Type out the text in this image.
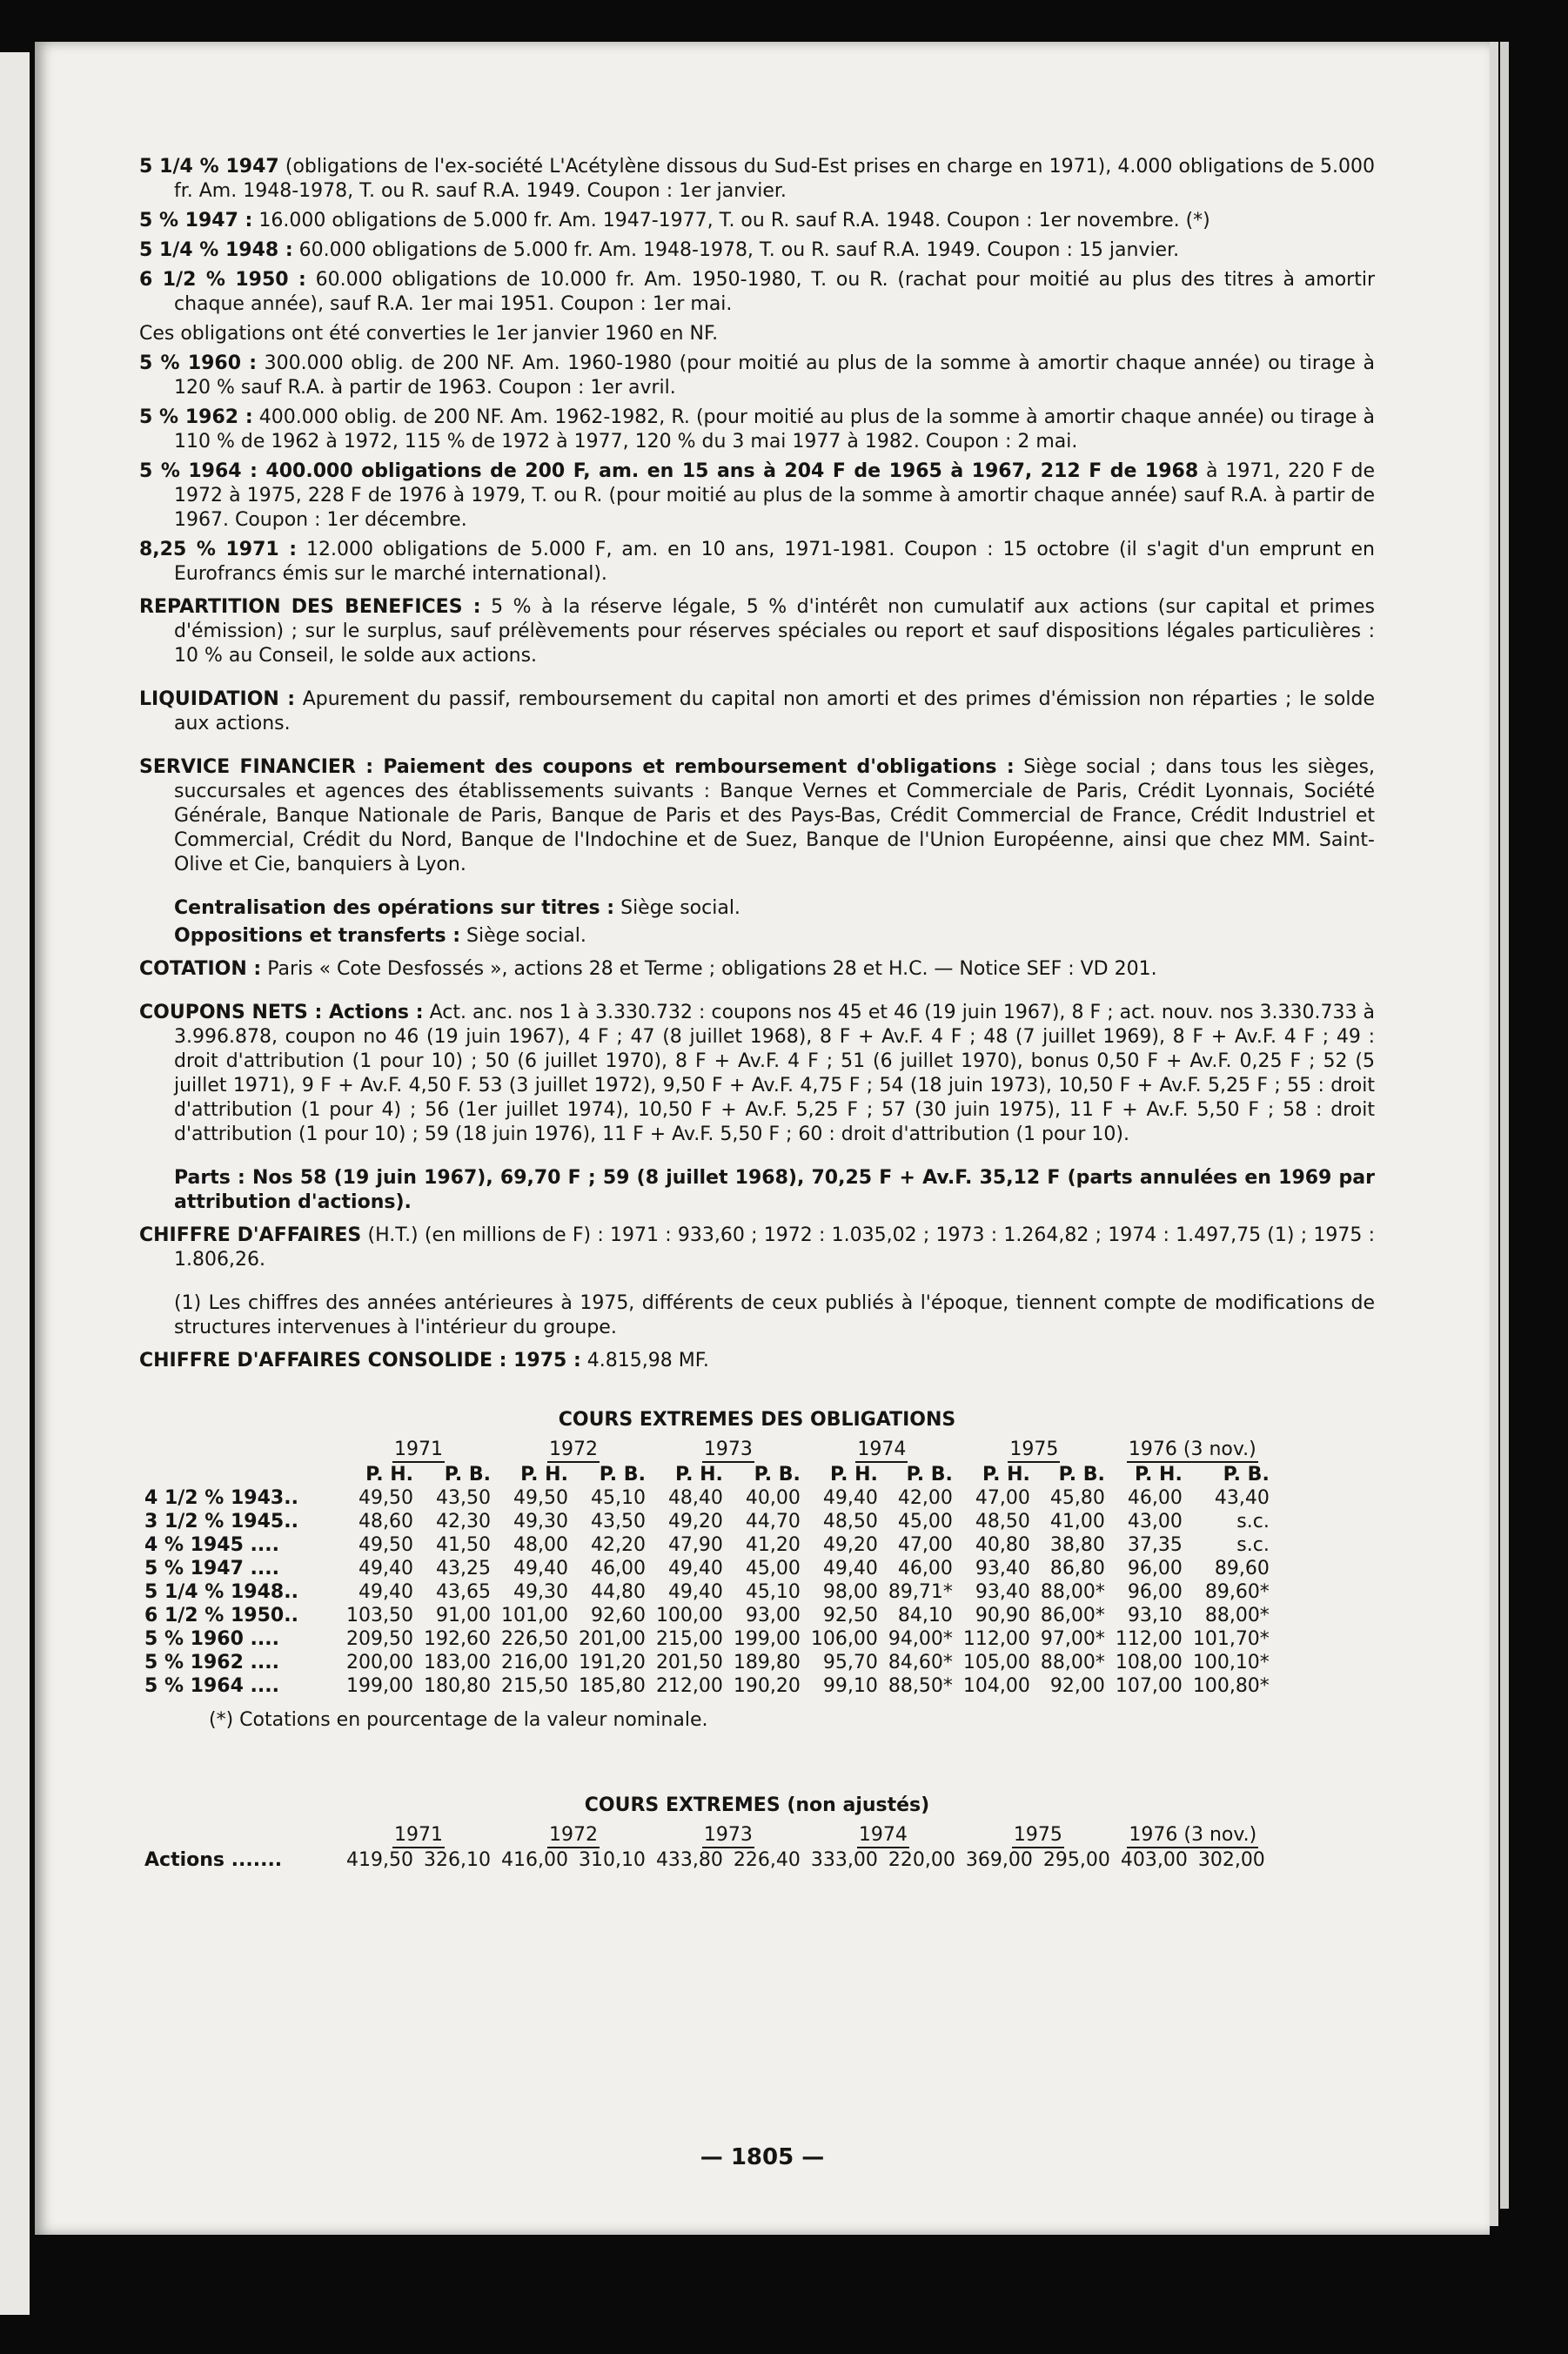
5 1/4 % 1947 (obligations de l'ex-société L'Acétylène dissous du Sud-Est prises en charge en 1971), 4.000 obligations de 5.000 fr. Am. 1948-1978, T. ou R. sauf R.A. 1949. Coupon : 1er janvier.

5 % 1947 : 16.000 obligations de 5.000 fr. Am. 1947-1977, T. ou R. sauf R.A. 1948. Coupon : 1er novembre. (*)

5 1/4 % 1948 : 60.000 obligations de 5.000 fr. Am. 1948-1978, T. ou R. sauf R.A. 1949. Coupon : 15 janvier.

6 1/2 % 1950 : 60.000 obligations de 10.000 fr. Am. 1950-1980, T. ou R. (rachat pour moitié au plus des titres à amortir chaque année), sauf R.A. 1er mai 1951. Coupon : 1er mai.

Ces obligations ont été converties le 1er janvier 1960 en NF.

5 % 1960 : 300.000 oblig. de 200 NF. Am. 1960-1980 (pour moitié au plus de la somme à amortir chaque année) ou tirage à 120 % sauf R.A. à partir de 1963. Coupon : 1er avril.

5 % 1962 : 400.000 oblig. de 200 NF. Am. 1962-1982, R. (pour moitié au plus de la somme à amortir chaque année) ou tirage à 110 % de 1962 à 1972, 115 % de 1972 à 1977, 120 % du 3 mai 1977 à 1982. Coupon : 2 mai.

5 % 1964 : 400.000 obligations de 200 F, am. en 15 ans à 204 F de 1965 à 1967, 212 F de 1968 à 1971, 220 F de 1972 à 1975, 228 F de 1976 à 1979, T. ou R. (pour moitié au plus de la somme à amortir chaque année) sauf R.A. à partir de 1967. Coupon : 1er décembre.

8,25 % 1971 : 12.000 obligations de 5.000 F, am. en 10 ans, 1971-1981. Coupon : 15 octobre (il s'agit d'un emprunt en Eurofrancs émis sur le marché international).

REPARTITION DES BENEFICES : 5 % à la réserve légale, 5 % d'intérêt non cumulatif aux actions (sur capital et primes d'émission) ; sur le surplus, sauf prélèvements pour réserves spéciales ou report et sauf dispositions légales particulières : 10 % au Conseil, le solde aux actions.

LIQUIDATION : Apurement du passif, remboursement du capital non amorti et des primes d'émission non réparties ; le solde aux actions.

SERVICE FINANCIER : Paiement des coupons et remboursement d'obligations : Siège social ; dans tous les sièges, succursales et agences des établissements suivants : Banque Vernes et Commerciale de Paris, Crédit Lyonnais, Société Générale, Banque Nationale de Paris, Banque de Paris et des Pays-Bas, Crédit Commercial de France, Crédit Industriel et Commercial, Crédit du Nord, Banque de l'Indochine et de Suez, Banque de l'Union Européenne, ainsi que chez MM. Saint-Olive et Cie, banquiers à Lyon.

Centralisation des opérations sur titres : Siège social.

Oppositions et transferts : Siège social.

COTATION : Paris « Cote Desfossés », actions 28 et Terme ; obligations 28 et H.C. — Notice SEF : VD 201.

COUPONS NETS : Actions : Act. anc. nos 1 à 3.330.732 : coupons nos 45 et 46 (19 juin 1967), 8 F ; act. nouv. nos 3.330.733 à 3.996.878, coupon no 46 (19 juin 1967), 4 F ; 47 (8 juillet 1968), 8 F + Av.F. 4 F ; 48 (7 juillet 1969), 8 F + Av.F. 4 F ; 49 : droit d'attribution (1 pour 10) ; 50 (6 juillet 1970), 8 F + Av.F. 4 F ; 51 (6 juillet 1970), bonus 0,50 F + Av.F. 0,25 F ; 52 (5 juillet 1971), 9 F + Av.F. 4,50 F. 53 (3 juillet 1972), 9,50 F + Av.F. 4,75 F ; 54 (18 juin 1973), 10,50 F + Av.F. 5,25 F ; 55 : droit d'attribution (1 pour 4) ; 56 (1er juillet 1974), 10,50 F + Av.F. 5,25 F ; 57 (30 juin 1975), 11 F + Av.F. 5,50 F ; 58 : droit d'attribution (1 pour 10) ; 59 (18 juin 1976), 11 F + Av.F. 5,50 F ; 60 : droit d'attribution (1 pour 10).

Parts : Nos 58 (19 juin 1967), 69,70 F ; 59 (8 juillet 1968), 70,25 F + Av.F. 35,12 F (parts annulées en 1969 par attribution d'actions).

CHIFFRE D'AFFAIRES (H.T.) (en millions de F) : 1971 : 933,60 ; 1972 : 1.035,02 ; 1973 : 1.264,82 ; 1974 : 1.497,75 (1) ; 1975 : 1.806,26.

(1) Les chiffres des années antérieures à 1975, différents de ceux publiés à l'époque, tiennent compte de modifications de structures intervenues à l'intérieur du groupe.

CHIFFRE D'AFFAIRES CONSOLIDE : 1975 : 4.815,98 MF.

COURS EXTREMES DES OBLIGATIONS
	1971		1972		1973		1974		1975		1976 (3 nov.)	
	P. H.	P. B.	P. H.	P. B.	P. H.	P. B.	P. H.	P. B.	P. H.	P. B.	P. H.	P. B.
4 1/2 % 1943..	49,50	43,50	49,50	45,10	48,40	40,00	49,40	42,00	47,00	45,80	46,00	43,40
3 1/2 % 1945..	48,60	42,30	49,30	43,50	49,20	44,70	48,50	45,00	48,50	41,00	43,00	s.c.
4 % 1945 ....	49,50	41,50	48,00	42,20	47,90	41,20	49,20	47,00	40,80	38,80	37,35	s.c.
5 % 1947 ....	49,40	43,25	49,40	46,00	49,40	45,00	49,40	46,00	93,40	86,80	96,00	89,60
5 1/4 % 1948..	49,40	43,65	49,30	44,80	49,40	45,10	98,00	89,71*	93,40	88,00*	96,00	89,60*
6 1/2 % 1950..	103,50	91,00	101,00	92,60	100,00	93,00	92,50	84,10	90,90	86,00*	93,10	88,00*
5 % 1960 ....	209,50	192,60	226,50	201,00	215,00	199,00	106,00	94,00*	112,00	97,00*	112,00	101,70*
5 % 1962 ....	200,00	183,00	216,00	191,20	201,50	189,80	95,70	84,60*	105,00	88,00*	108,00	100,10*
5 % 1964 ....	199,00	180,80	215,50	185,80	212,00	190,20	99,10	88,50*	104,00	92,00	107,00	100,80*
(*) Cotations en pourcentage de la valeur nominale.
COURS EXTREMES (non ajustés)
	1971		1972		1973		1974		1975		1976 (3 nov.)	
Actions .......	419,50	326,10	416,00	310,10	433,80	226,40	333,00	220,00	369,00	295,00	403,00	302,00
— 1805 —
